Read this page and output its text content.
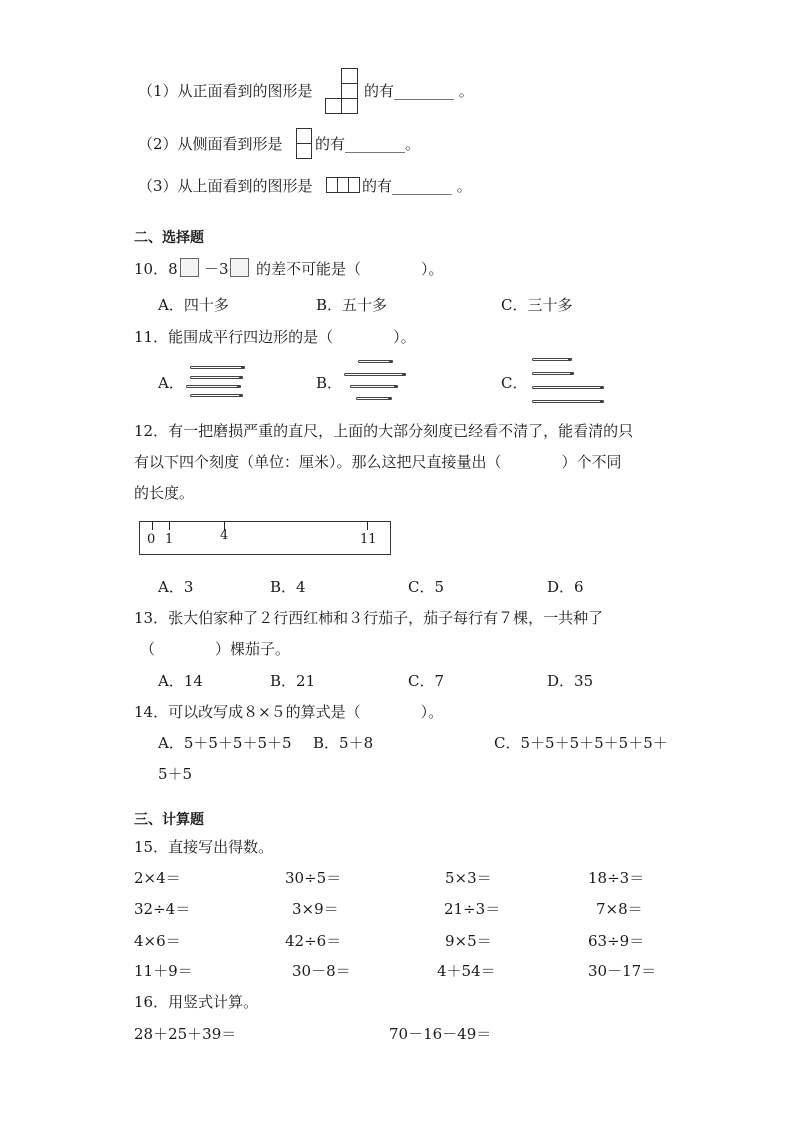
（1）从正面看到的图形是	的有________ 。
（2）从侧面看到形是 的有________。
（3）从上面看到的图形是	的有________ 。
二、选择题
10．8 －3 的差不可能是（　　　　）。
A．四十多	B．五十多	C．三十多
11．能围成平行四边形的是（　　　　）。
A．	B．	C．
12．有一把磨损严重的直尺，上面的大部分刻度已经看不清了，能看清的只
有以下四个刻度（单位：厘米）。那么这把尺直接量出（　　　　）个不同
的长度。
0 1	4	11
A．3	B．4	C．5	D．6
13．张大伯家种了２行西红柿和３行茄子，茄子每行有７棵，一共种了
（　　　　）棵茄子。
A．14	B．21	C．7	D．35
14．可以改写成８×５的算式是（　　　　）。
A．5＋5＋5＋5＋5 B．5＋8	C．5＋5＋5＋5＋5＋5＋
5＋5
三、计算题
15．直接写出得数。
2×4＝	30÷5＝	5×3＝	18÷3＝
32÷4＝	3×9＝	21÷3＝	7×8＝
4×6＝	42÷6＝	9×5＝	63÷9＝
11＋9＝	30－8＝	4＋54＝	30－17＝
16．用竖式计算。
28＋25＋39＝	70－16－49＝
